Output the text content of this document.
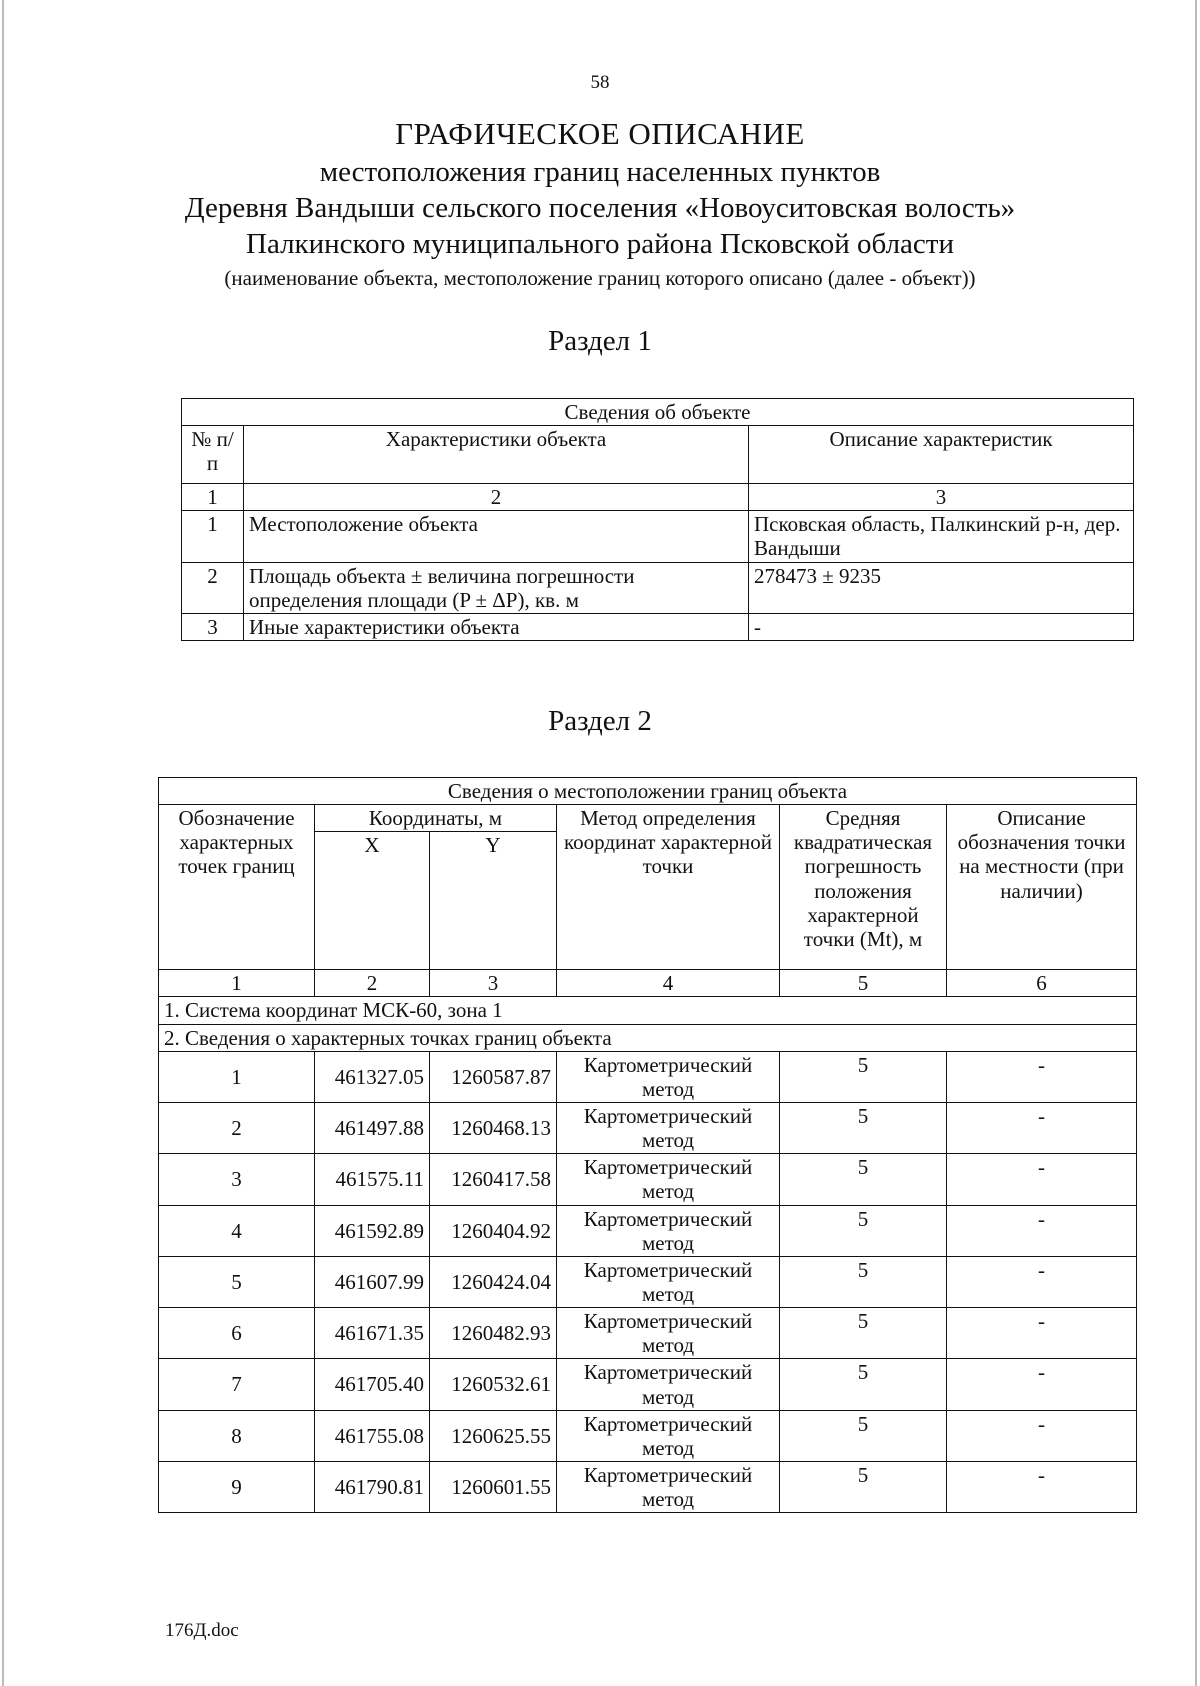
58
ГРАФИЧЕСКОЕ ОПИСАНИЕ
местоположения границ населенных пунктов
Деревня Вандыши сельского поселения «Новоуситовская волость»
Палкинского муниципального района Псковской области
(наименование объекта, местоположение границ которого описано (далее - объект))
Раздел 1
Сведения об объекте		
№ п/п	Характеристики объекта	Описание характеристик
1	2	3
1	Местоположение объекта	Псковская область, Палкинский р-н, дер. Вандыши
2	Площадь объекта ± величина погрешности определения площади (P ± ΔP), кв. м	278473 ± 9235
3	Иные характеристики объекта	-
Раздел 2
Сведения о местоположении границ объекта					
Обозначение характерных точек границ	Координаты, м		Метод определения координат характерной точки	Средняя квадратическая погрешность положения характерной точки (Mt), м	Описание обозначения точки на местности (при наличии)
	X	Y			
1	2	3	4	5	6
1. Система координат МСК-60, зона 1					
2. Сведения о характерных точках границ объекта					
1	461327.05	1260587.87	Картометрический метод	5	-
2	461497.88	1260468.13	Картометрический метод	5	-
3	461575.11	1260417.58	Картометрический метод	5	-
4	461592.89	1260404.92	Картометрический метод	5	-
5	461607.99	1260424.04	Картометрический метод	5	-
6	461671.35	1260482.93	Картометрический метод	5	-
7	461705.40	1260532.61	Картометрический метод	5	-
8	461755.08	1260625.55	Картометрический метод	5	-
9	461790.81	1260601.55	Картометрический метод	5	-
176Д.doc
